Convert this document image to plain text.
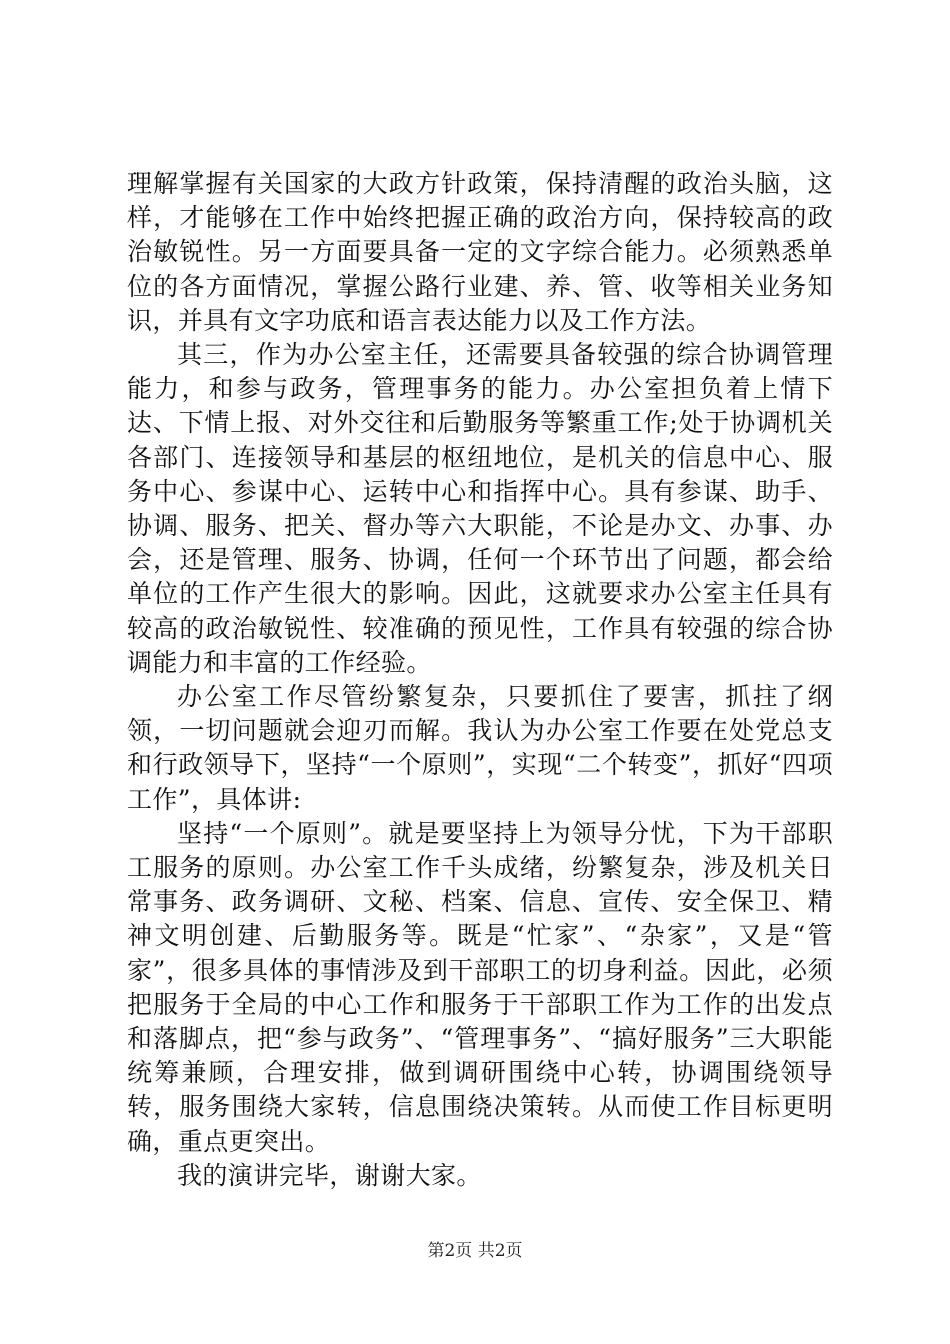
理解掌握有关国家的大政方针政策，保持清醒的政治头脑，这样，才能够在工作中始终把握正确的政治方向，保持较高的政治敏锐性。另一方面要具备一定的文字综合能力。必须熟悉单位的各方面情况，掌握公路行业建、养、管、收等相关业务知识，并具有文字功底和语言表达能力以及工作方法。

其三，作为办公室主任，还需要具备较强的综合协调管理能力，和参与政务，管理事务的能力。办公室担负着上情下达、下情上报、对外交往和后勤服务等繁重工作;处于协调机关各部门、连接领导和基层的枢纽地位，是机关的信息中心、服务中心、参谋中心、运转中心和指挥中心。具有参谋、助手、协调、服务、把关、督办等六大职能，不论是办文、办事、办会，还是管理、服务、协调，任何一个环节出了问题，都会给单位的工作产生很大的影响。因此，这就要求办公室主任具有较高的政治敏锐性、较准确的预见性，工作具有较强的综合协调能力和丰富的工作经验。

办公室工作尽管纷繁复杂，只要抓住了要害，抓拄了纲领，一切问题就会迎刃而解。我认为办公室工作要在处党总支和行政领导下，坚持“一个原则”，实现“二个转变”，抓好“四项工作”，具体讲:

坚持“一个原则”。就是要坚持上为领导分忧，下为干部职工服务的原则。办公室工作千头成绪，纷繁复杂，涉及机关日常事务、政务调研、文秘、档案、信息、宣传、安全保卫、精神文明创建、后勤服务等。既是“忙家”、“杂家”，又是“管家”，很多具体的事情涉及到干部职工的切身利益。因此，必须把服务于全局的中心工作和服务于干部职工作为工作的出发点和落脚点，把“参与政务”、“管理事务”、“搞好服务”三大职能统筹兼顾，合理安排，做到调研围绕中心转，协调围绕领导转，服务围绕大家转，信息围绕决策转。从而使工作目标更明确，重点更突出。

我的演讲完毕，谢谢大家。

第2页 共2页
